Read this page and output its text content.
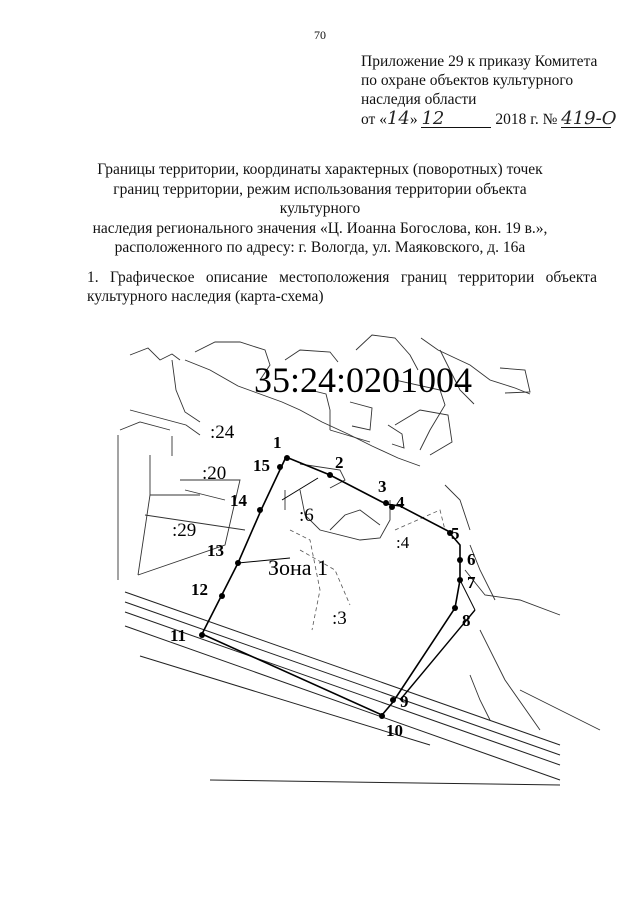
70
Приложение 29 к приказу Комитета
по охране объектов культурного
наследия области
от «14» 12	2018 г. № 419-О
Границы территории, координаты характерных (поворотных) точек
границ территории, режим использования территории объекта культурного
наследия регионального значения «Ц. Иоанна Богослова, кон. 19 в.»,
расположенного по адресу: г. Вологда, ул. Маяковского, д. 16а
1. Графическое описание местоположения границ территории объекта культурного наследия (карта-схема)
35:24:0201004
Зона 1
:24
:20
:29
:6
:4
:3
1
2
3
4
5
6
7
8
9
10
11
12
13
14
15
